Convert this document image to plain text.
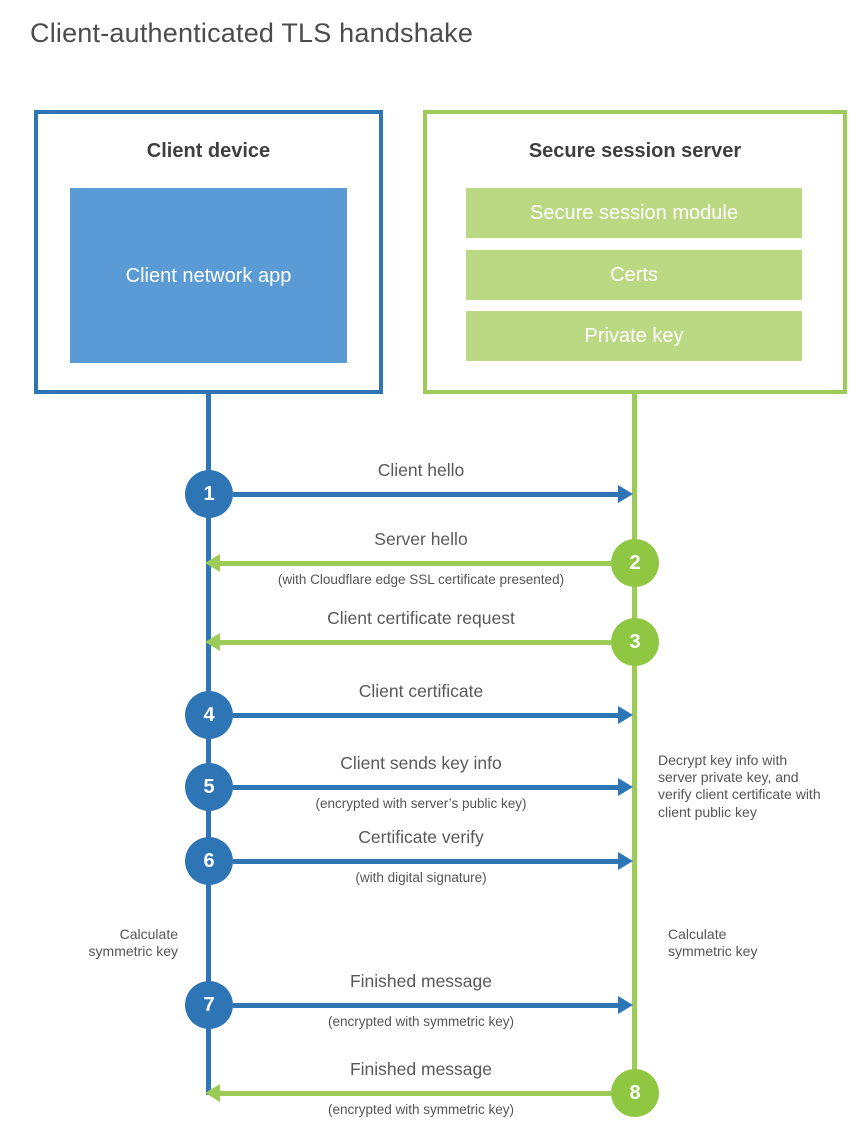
Client-authenticated TLS handshake
Client device
Client network app
Secure session server
Secure session module
Certs
Private key
1
Client hello
2
Server hello
(with Cloudflare edge SSL certificate presented)
3
Client certificate request
4
Client certificate
5
Client sends key info
(encrypted with server’s public key)
6
Certificate verify
(with digital signature)
7
Finished message
(encrypted with symmetric key)
8
Finished message
(encrypted with symmetric key)
Decrypt key info with server private key, and verify client certificate with client public key
Calculate symmetric key
Calculate symmetric key
